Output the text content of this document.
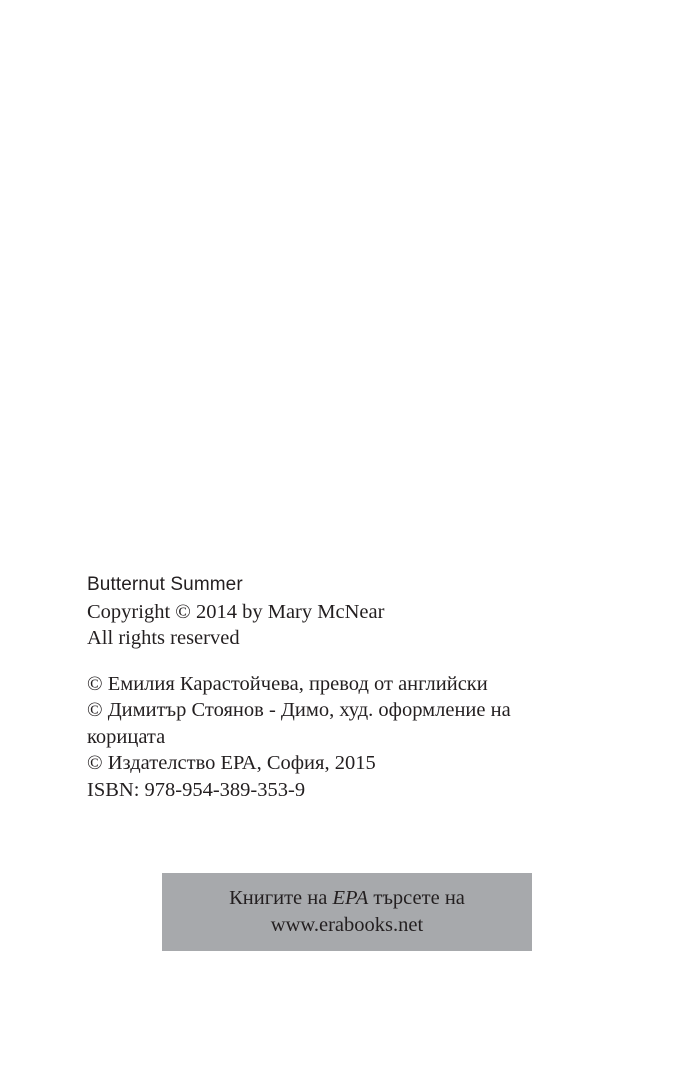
Butternut Summer
Copyright © 2014 by Mary McNear
All rights reserved
© Емилия Карастойчева, превод от английски
© Димитър Стоянов - Димо, худ. оформление на
корицата
© Издателство ЕРА, София, 2015
ISBN: 978-954-389-353-9
Книгите на ЕРА търсете на
www.erabooks.net
